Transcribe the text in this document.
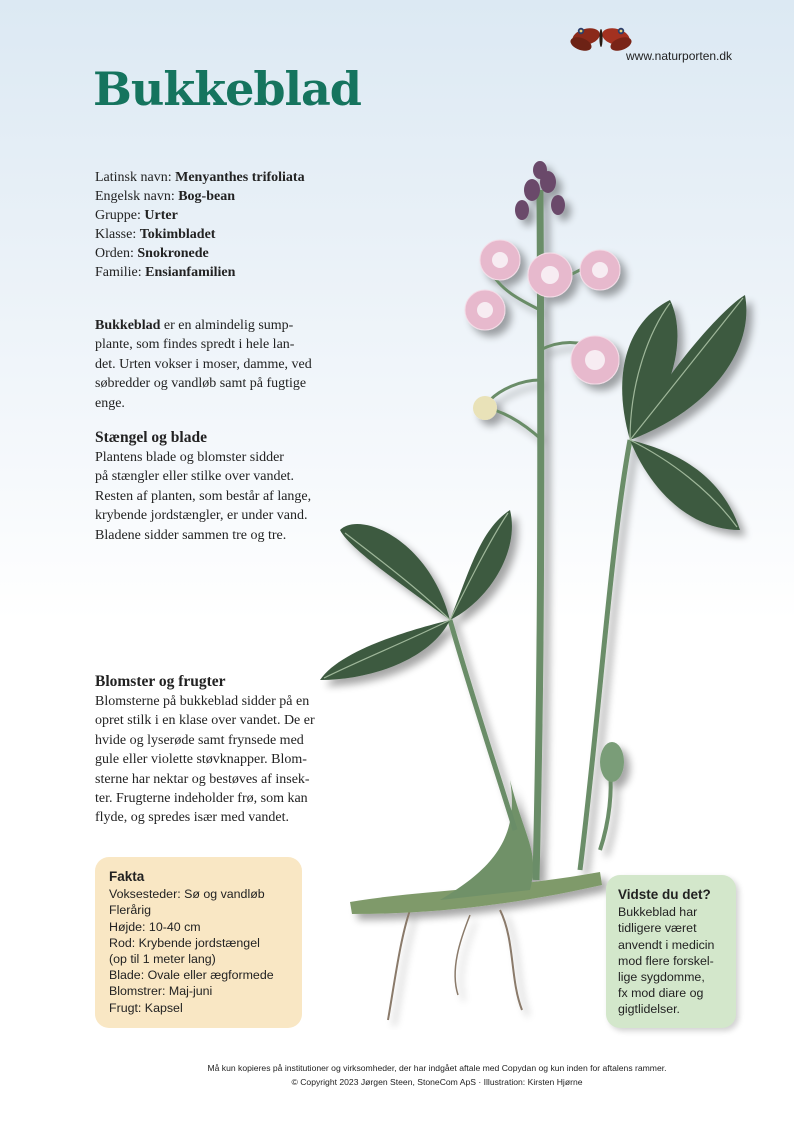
www.naturporten.dk
Bukkeblad
Latinsk navn: Menyanthes trifoliata
Engelsk navn: Bog-bean
Gruppe: Urter
Klasse: Tokimbladet
Orden: Snokronede
Familie: Ensianfamilien
Bukkeblad er en almindelig sump-
plante, som findes spredt i hele lan-
det. Urten vokser i moser, damme, ved
søbredder og vandløb samt på fugtige
enge.
Stængel og blade

Plantens blade og blomster sidder
på stængler eller stilke over vandet.
Resten af planten, som består af lange,
krybende jordstængler, er under vand.
Bladene sidder sammen tre og tre.

Blomster og frugter

Blomsterne på bukkeblad sidder på en
opret stilk i en klase over vandet. De er
hvide og lyserøde samt frynsede med
gule eller violette støvknapper. Blom-
sterne har nektar og bestøves af insek-
ter. Frugterne indeholder frø, som kan
flyde, og spredes især med vandet.

Fakta
Voksesteder: Sø og vandløb
Flerårig
Højde: 10-40 cm
Rod: Krybende jordstængel
(op til 1 meter lang)
Blade: Ovale eller ægformede
Blomstrer: Maj-juni
Frugt: Kapsel
Vidste du det?
Bukkeblad har
tidligere været
anvendt i medicin
mod flere forskel-
lige sygdomme,
fx mod diare og
gigtlidelser.
Må kun kopieres på institutioner og virksomheder, der har indgået aftale med Copydan og kun inden for aftalens rammer.
© Copyright 2023 Jørgen Steen, StoneCom ApS · Illustration: Kirsten Hjørne
